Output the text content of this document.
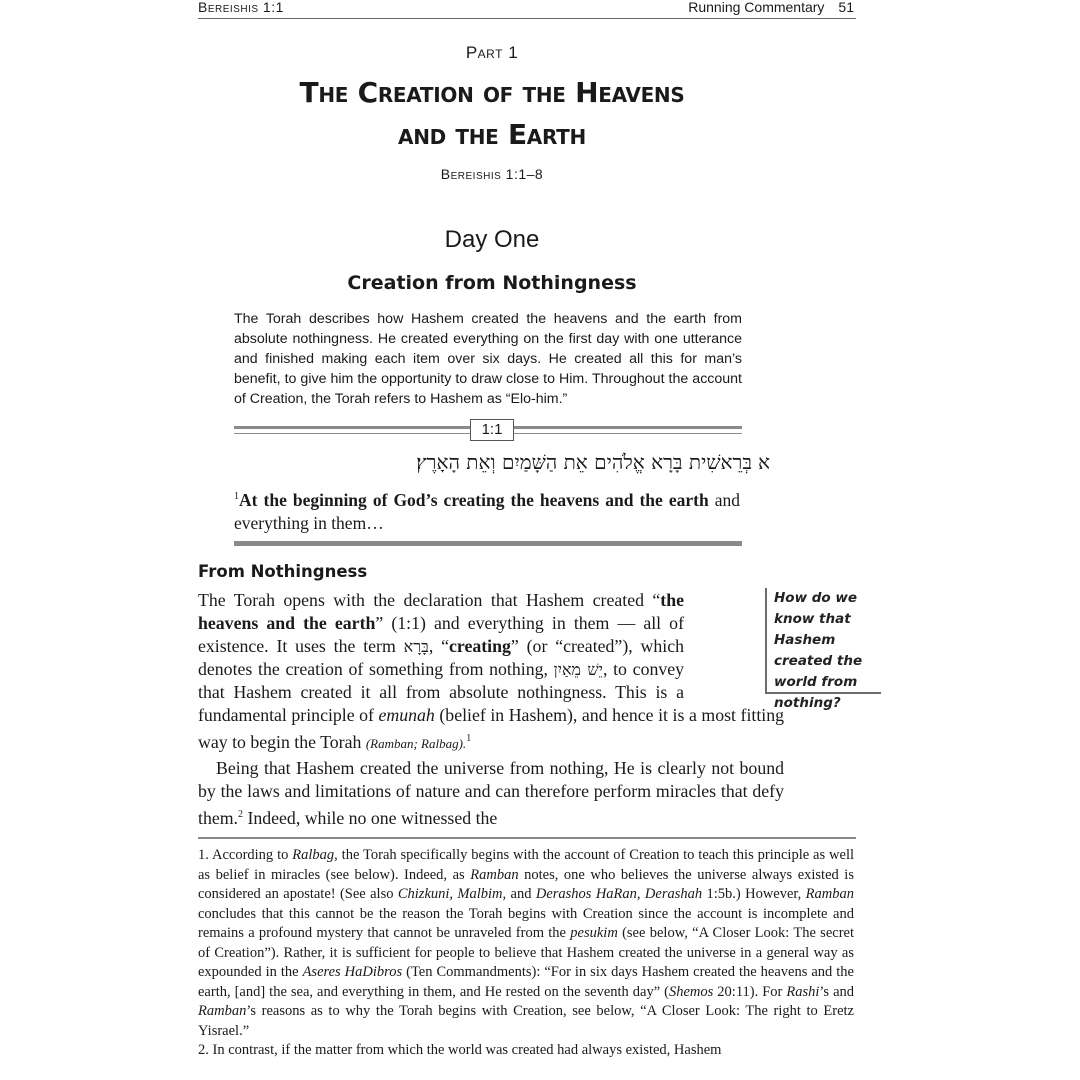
Bereishis 1:1	Running Commentary 51
Part 1
The Creation of the Heavens
and the Earth
Bereishis 1:1–8
Day One
Creation from Nothingness

The Torah describes how Hashem created the heavens and the earth from absolute nothingness. He created everything on the first day with one utterance and finished making each item over six days. He created all this for man’s benefit, to give him the opportunity to draw close to Him. Throughout the account of Creation, the Torah refers to Hashem as “Elo-him.”

1:1
אבְּרֵאשִׁית בָּרָא אֱלֹהִים אֵת הַשָּׁמַיִם וְאֵת הָאָרֶץ׃
$^1$At the beginning of God’s creating the heavens and the earth and everything in them…
From Nothingness

The Torah opens with the declaration that Hashem created “the heavens and the earth” (1:1) and everything in them — all of existence. It uses the term בָּרָא, “creating” (or “created”), which denotes the creation of something from nothing, יֵשׁ מֵאַיִן, to convey that Hashem created it all from absolute nothingness. This is a fundamental principle of emunah (belief in Hashem), and hence it is a most fitting way to begin the Torah (Ramban; Ralbag).$^1$

Being that Hashem created the universe from nothing, He is clearly not bound by the laws and limitations of nature and can therefore perform miracles that defy them.$^2$ Indeed, while no one witnessed the

How do we know that Hashem created the world from nothing?

1. According to Ralbag, the Torah specifically begins with the account of Creation to teach this principle as well as belief in miracles (see below). Indeed, as Ramban notes, one who believes the universe always existed is considered an apostate! (See also Chizkuni, Malbim, and Derashos HaRan, Derashah 1:5b.) However, Ramban concludes that this cannot be the reason the Torah begins with Creation since the account is incomplete and remains a profound mystery that cannot be unraveled from the pesukim (see below, “A Closer Look: The secret of Creation”). Rather, it is sufficient for people to believe that Hashem created the universe in a general way as expounded in the Aseres HaDibros (Ten Commandments): “For in six days Hashem created the heavens and the earth, [and] the sea, and everything in them, and He rested on the seventh day” (Shemos 20:11). For Rashi’s and Ramban’s reasons as to why the Torah begins with Creation, see below, “A Closer Look: The right to Eretz Yisrael.”

2. In contrast, if the matter from which the world was created had always existed, Hashem
